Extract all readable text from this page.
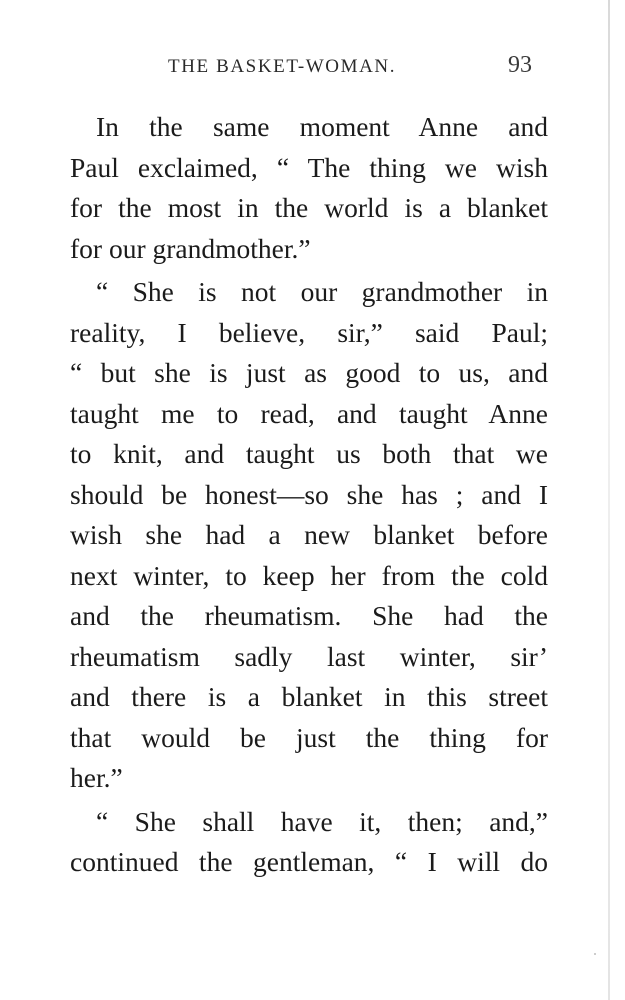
THE BASKET-WOMAN.	93

In the same moment Anne and
Paul exclaimed, “ The thing we wish
for the most in the world is a blanket
for our grandmother.”

“ She is not our grandmother in
reality, I believe, sir,” said Paul;
“ but she is just as good to us, and
taught me to read, and taught Anne
to knit, and taught us both that we
should be honest—so she has ; and I
wish she had a new blanket before
next winter, to keep her from the cold
and the rheumatism. She had the
rheumatism sadly last winter, sir’
and there is a blanket in this street
that would be just the thing for
her.”

“ She shall have it, then; and,”
continued the gentleman, “ I will do
